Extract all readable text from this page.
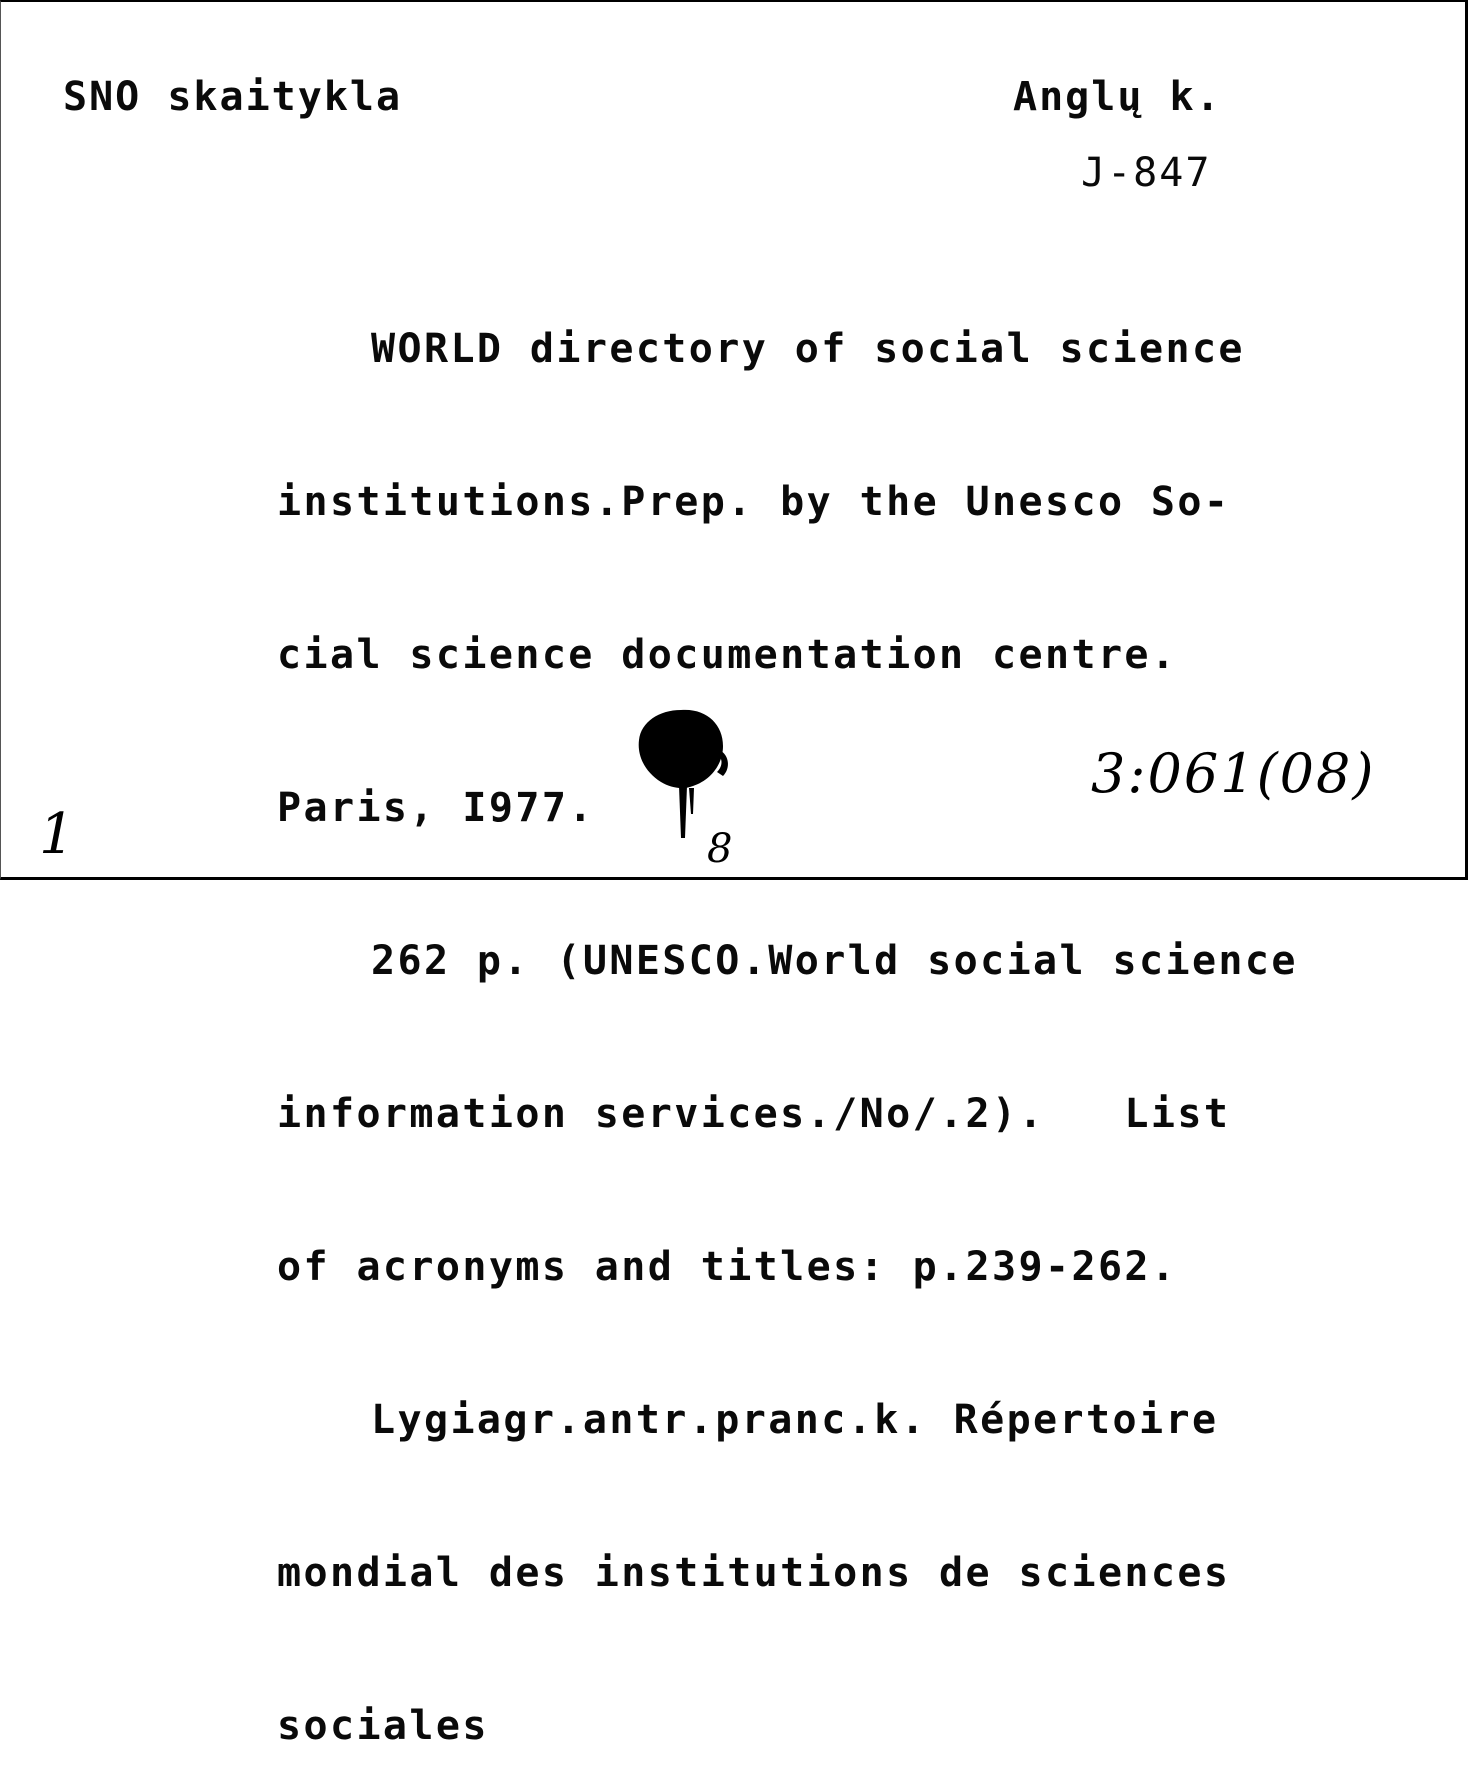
SNO skaitykla	Anglų k.
J-847

WORLD directory of social science

institutions.Prep. by the Unesco So-

cial science documentation centre.

Paris, I977.

262 p. (UNESCO.World social science

information services./No/.2).   List

of acronyms and titles: p.239-262.

Lygiagr.antr.pranc.k. Répertoire

mondial des institutions de sciences

sociales

3:061(08)
1	8
